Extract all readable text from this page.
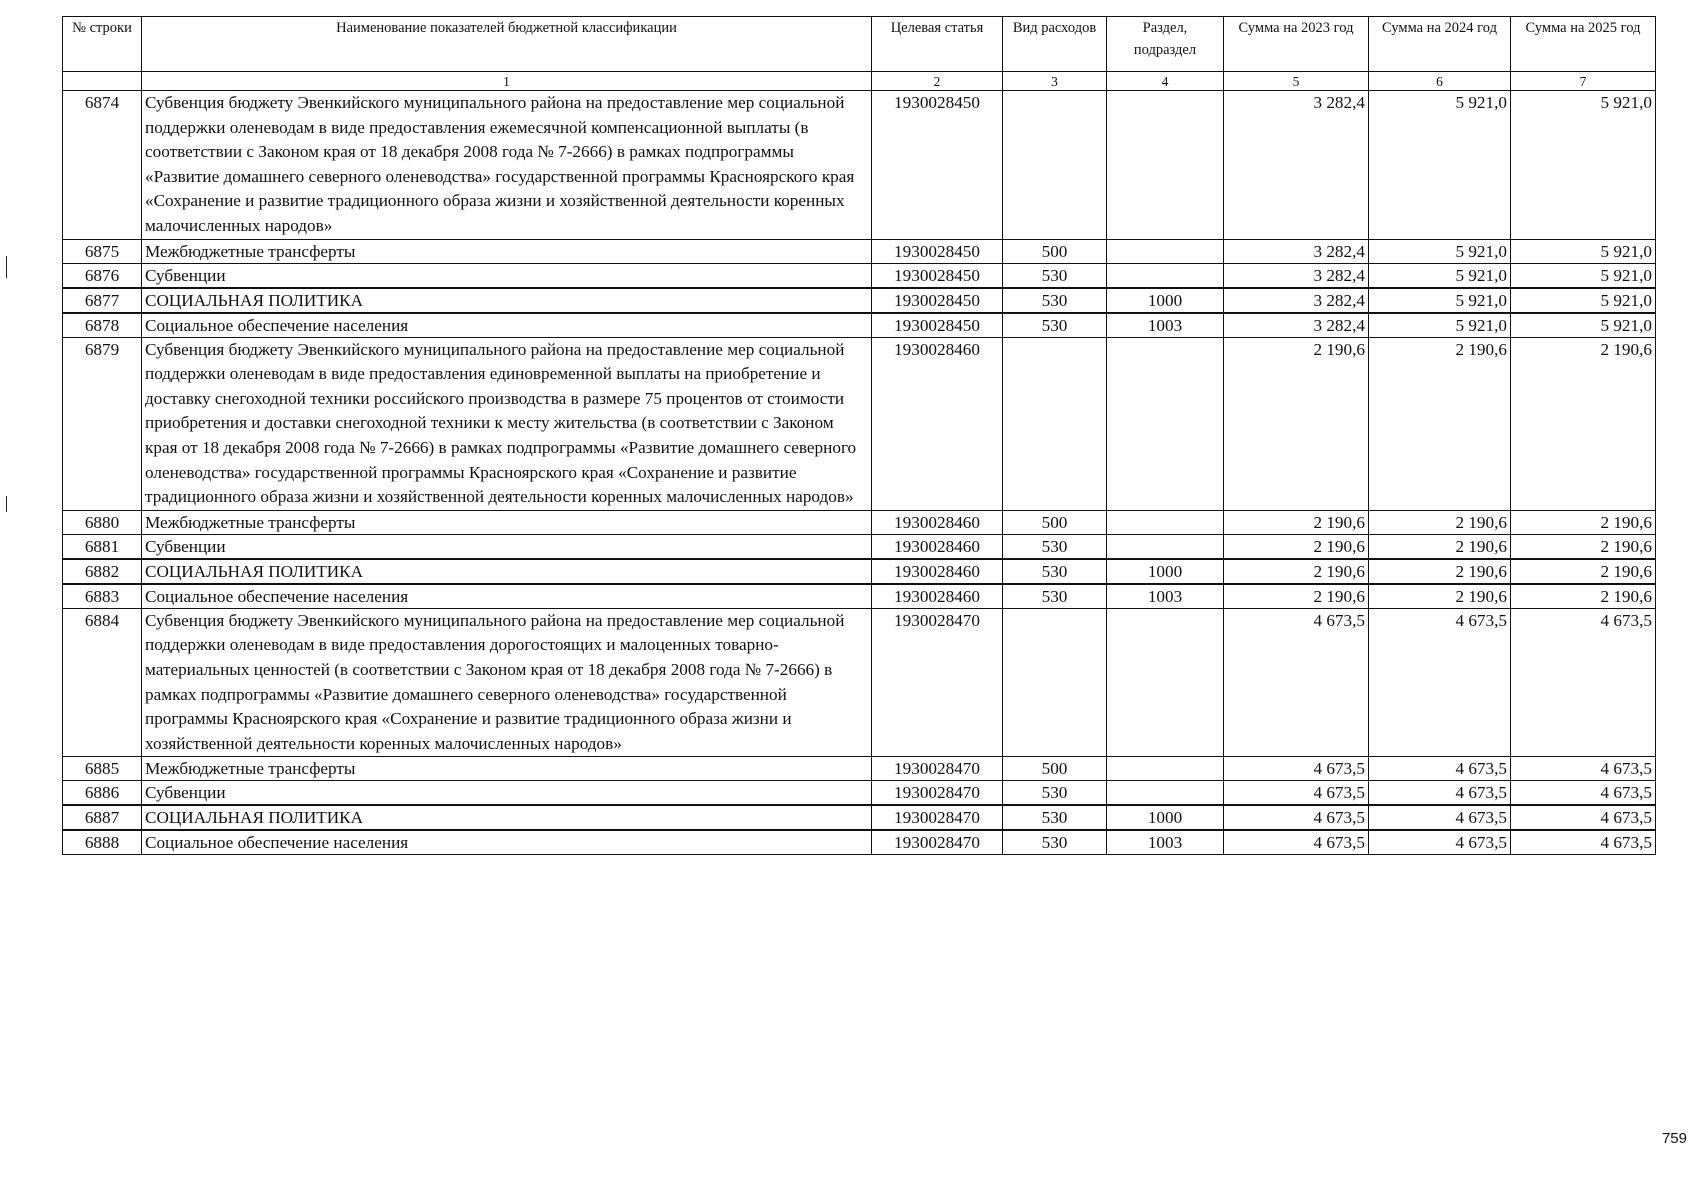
№ строки	Наименование показателей бюджетной классификации	Целевая статья	Вид расходов	Раздел, подраздел	Сумма на 2023 год	Сумма на 2024 год	Сумма на 2025 год
	1	2	3	4	5	6	7
6874	Субвенция бюджету Эвенкийского муниципального района на предоставление мер социальной поддержки оленеводам в виде предоставления ежемесячной компенсационной выплаты (в соответствии с Законом края от 18 декабря 2008 года № 7-2666) в рамках подпрограммы «Развитие домашнего северного оленеводства» государственной программы Красноярского края «Сохранение и развитие традиционного образа жизни и хозяйственной деятельности коренных малочисленных народов»	1930028450			3 282,4	5 921,0	5 921,0
6875	Межбюджетные трансферты	1930028450	500		3 282,4	5 921,0	5 921,0
6876	Субвенции	1930028450	530		3 282,4	5 921,0	5 921,0
6877	СОЦИАЛЬНАЯ ПОЛИТИКА	1930028450	530	1000	3 282,4	5 921,0	5 921,0
6878	Социальное обеспечение населения	1930028450	530	1003	3 282,4	5 921,0	5 921,0
6879	Субвенция бюджету Эвенкийского муниципального района на предоставление мер социальной поддержки оленеводам в виде предоставления единовременной выплаты на приобретение и доставку снегоходной техники российского производства в размере 75 процентов от стоимости приобретения и доставки снегоходной техники к месту жительства (в соответствии с Законом края от 18 декабря 2008 года № 7-2666) в рамках подпрограммы «Развитие домашнего северного оленеводства» государственной программы Красноярского края «Сохранение и развитие традиционного образа жизни и хозяйственной деятельности коренных малочисленных народов»	1930028460			2 190,6	2 190,6	2 190,6
6880	Межбюджетные трансферты	1930028460	500		2 190,6	2 190,6	2 190,6
6881	Субвенции	1930028460	530		2 190,6	2 190,6	2 190,6
6882	СОЦИАЛЬНАЯ ПОЛИТИКА	1930028460	530	1000	2 190,6	2 190,6	2 190,6
6883	Социальное обеспечение населения	1930028460	530	1003	2 190,6	2 190,6	2 190,6
6884	Субвенция бюджету Эвенкийского муниципального района на предоставление мер социальной поддержки оленеводам в виде предоставления дорогостоящих и малоценных товарно-материальных ценностей (в соответствии с Законом края от 18 декабря 2008 года № 7-2666) в рамках подпрограммы «Развитие домашнего северного оленеводства» государственной программы Красноярского края «Сохранение и развитие традиционного образа жизни и хозяйственной деятельности коренных малочисленных народов»	1930028470			4 673,5	4 673,5	4 673,5
6885	Межбюджетные трансферты	1930028470	500		4 673,5	4 673,5	4 673,5
6886	Субвенции	1930028470	530		4 673,5	4 673,5	4 673,5
6887	СОЦИАЛЬНАЯ ПОЛИТИКА	1930028470	530	1000	4 673,5	4 673,5	4 673,5
6888	Социальное обеспечение населения	1930028470	530	1003	4 673,5	4 673,5	4 673,5
759
